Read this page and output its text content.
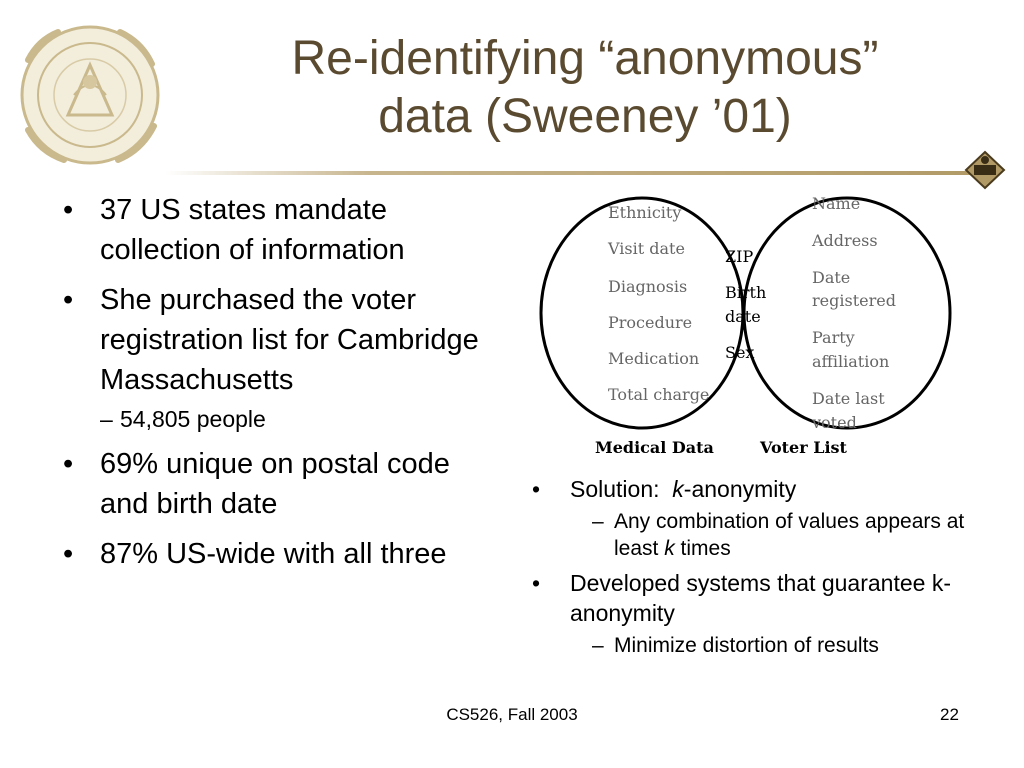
Re-identifying “anonymous”
data (Sweeney ’01)
• 37 US states mandate collection of information
• She purchased the voter registration list for Cambridge Massachusetts
– 54,805 people
• 69% unique on postal code and birth date
• 87% US-wide with all three
Ethnicity
Visit date
Diagnosis
Procedure
Medication
Total charge
ZIP
Birth
date
Sex
Name
Address
Date
registered
Party
affiliation
Date last
voted
Medical Data	Voter List
• Solution:  k-anonymity
– Any combination of values appears at least k times
• Developed systems that guarantee k-anonymity
– Minimize distortion of results
CS526, Fall 2003	22
